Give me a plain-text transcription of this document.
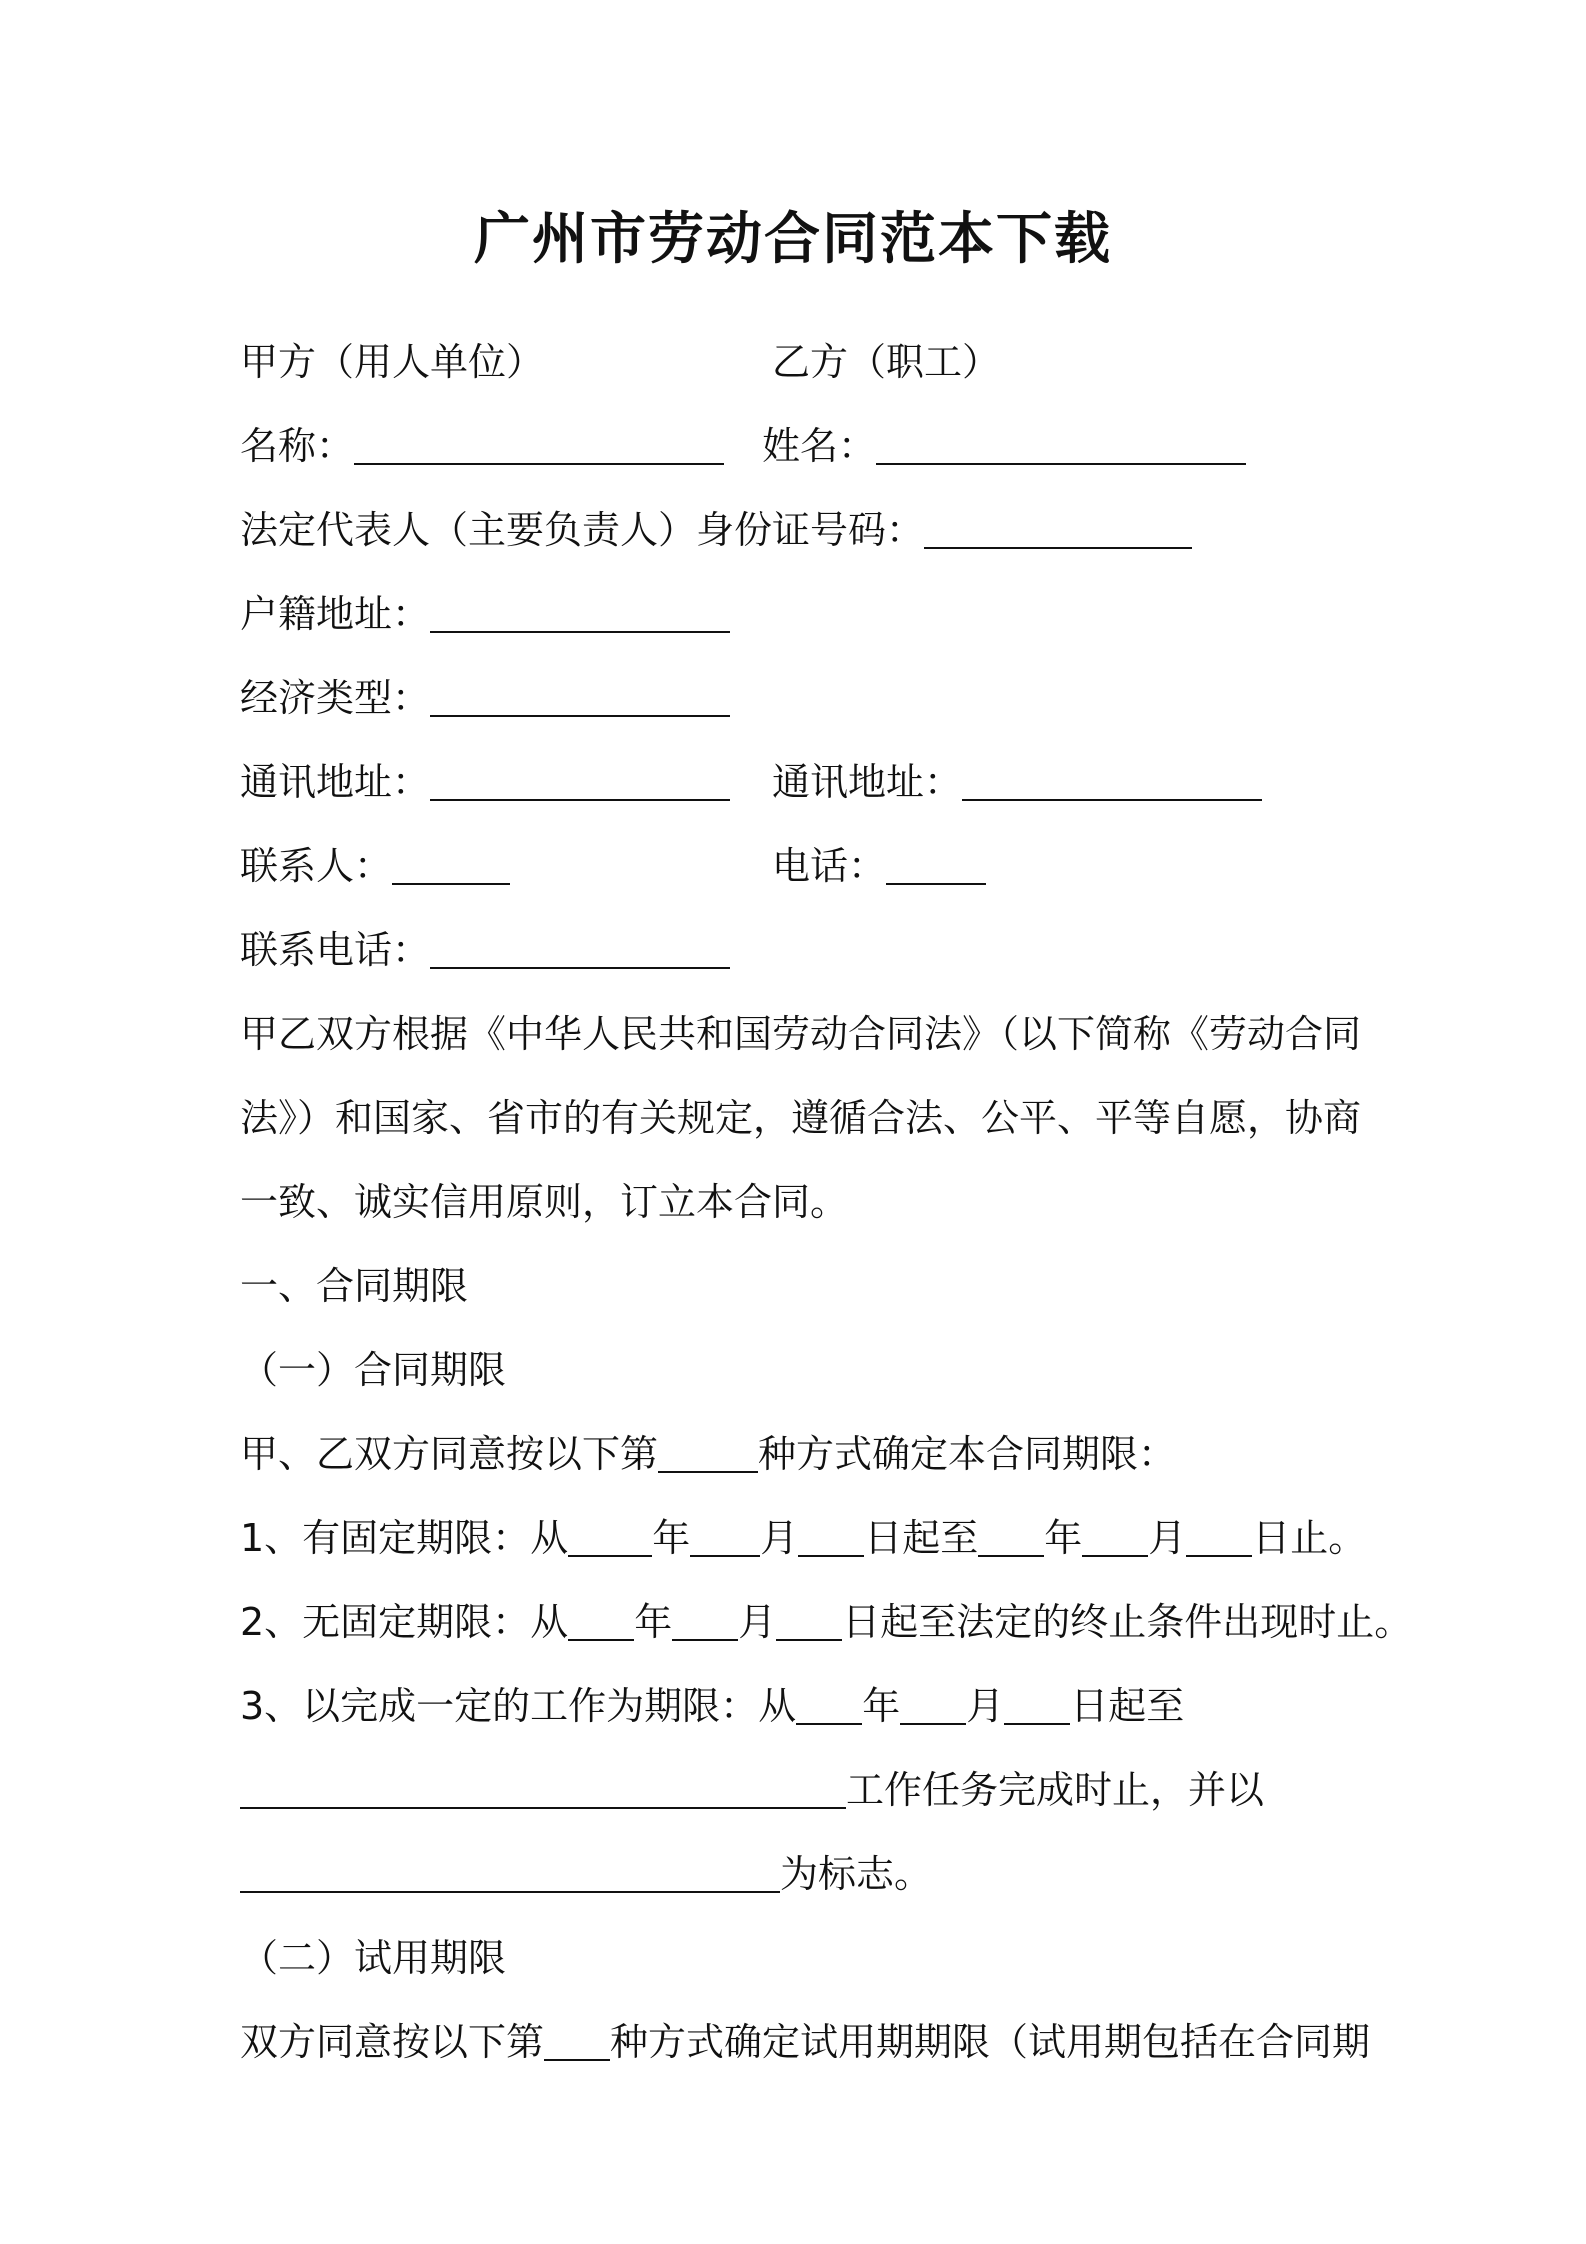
广州市劳动合同范本下载
甲方（用人单位）	乙方（职工）
名称：	姓名：
法定代表人（主要负责人）身份证号码：
户籍地址：
经济类型：
通讯地址：	通讯地址：
联系人：	电话：
联系电话：
甲乙双方根据《中华人民共和国劳动合同法》（以下简称《劳动合同
法》）和国家、省市的有关规定，遵循合法、公平、平等自愿，协商
一致、诚实信用原则，订立本合同。
一、合同期限
（一）合同期限
甲、乙双方同意按以下第	种方式确定本合同期限：
1、有固定期限：从 年 月 日起至 年 月 日止。
2、无固定期限：从 年 月 日起至法定的终止条件出现时止。
3、以完成一定的工作为期限：从 年 月 日起至
工作任务完成时止，并以
为标志。
（二）试用期限
双方同意按以下第 种方式确定试用期期限（试用期包括在合同期
